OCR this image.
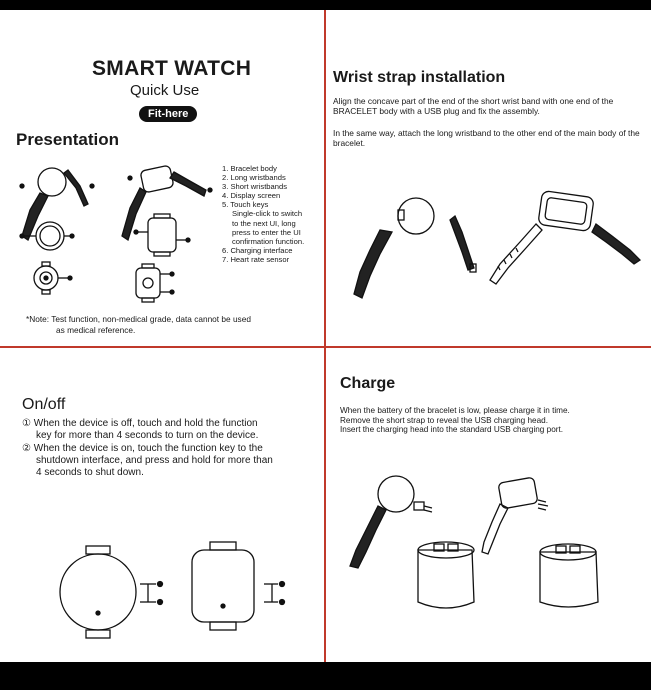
SMART WATCH
Quick Use
Fit-here
Presentation
1. Bracelet body
2. Long wristbands
3. Short wristbands
4. Display screen
5. Touch keys
Single-click to switch
to the next UI, long
press to enter the UI
confirmation function.
6. Charging interface
7. Heart rate sensor
*Note: Test function, non-medical grade, data cannot be used
as medical reference.
Wrist strap installation
Align the concave part of the end of the short wrist band with one end of the BRACELET body with a USB plug and fix the assembly.
In the same way, attach the long wristband to the other end of the main body of the bracelet.
On/off
① When the device is off, touch and hold the function
key for more than 4 seconds to turn on the device.
② When the device is on, touch the function key to the
shutdown interface, and press and hold for more than
4 seconds to shut down.
Charge
When the battery of the bracelet is low, please charge it in time.
Remove the short strap to reveal the USB charging head.
Insert the charging head into the standard USB charging port.
